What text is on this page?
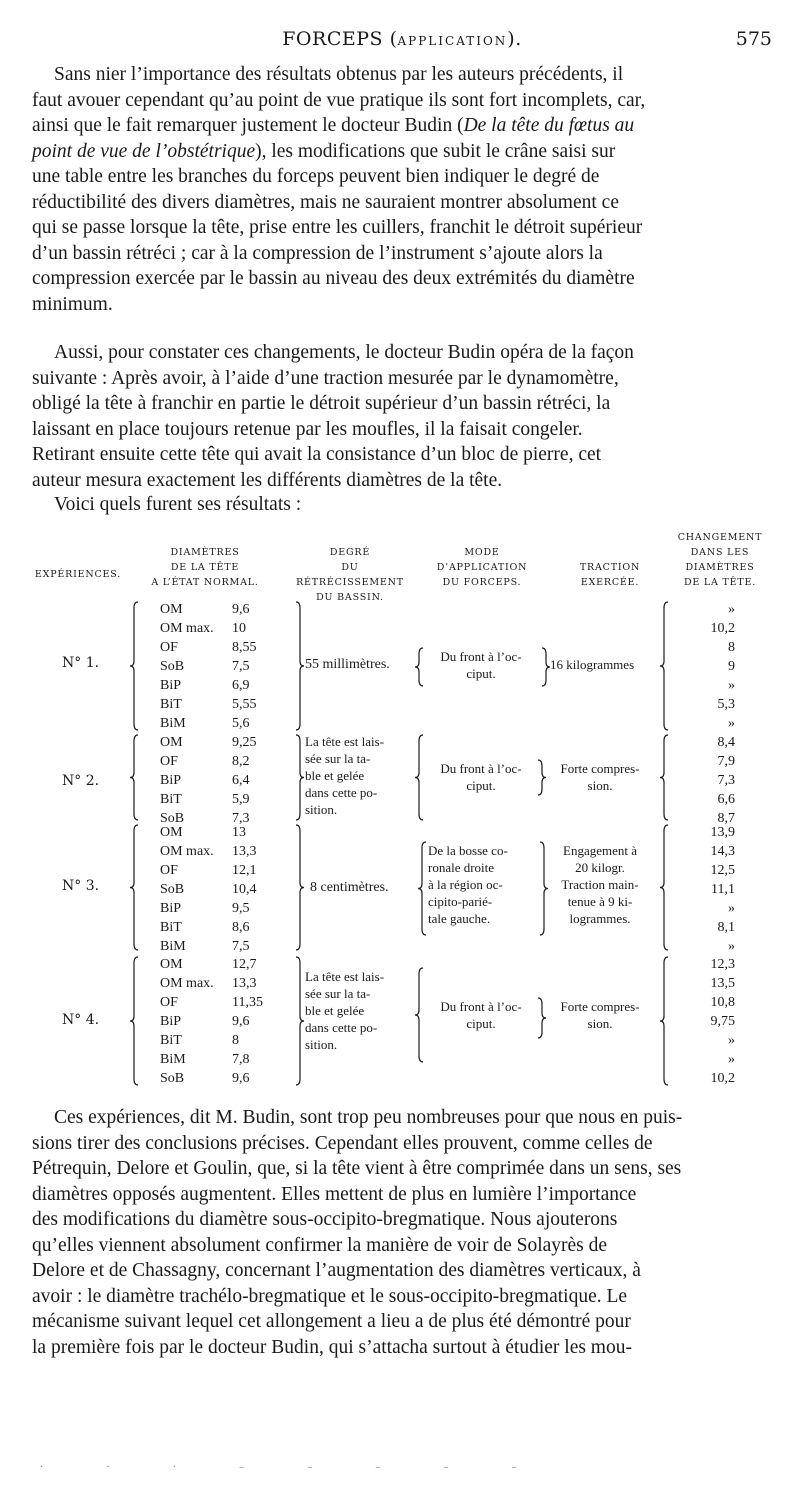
FORCEPS (APPLICATION).	575
Sans nier l’importance des résultats obtenus par les auteurs précédents, il
faut avouer cependant qu’au point de vue pratique ils sont fort incomplets, car,
ainsi que le fait remarquer justement le docteur Budin (De la tête du fœtus au
point de vue de l’obstétrique), les modifications que subit le crâne saisi sur
une table entre les branches du forceps peuvent bien indiquer le degré de
réductibilité des divers diamètres, mais ne sauraient montrer absolument ce
qui se passe lorsque la tête, prise entre les cuillers, franchit le détroit supérieur
d’un bassin rétréci ; car à la compression de l’instrument s’ajoute alors la
compression exercée par le bassin au niveau des deux extrémités du diamètre
minimum.
Aussi, pour constater ces changements, le docteur Budin opéra de la façon
suivante : Après avoir, à l’aide d’une traction mesurée par le dynamomètre,
obligé la tête à franchir en partie le détroit supérieur d’un bassin rétréci, la
laissant en place toujours retenue par les moufles, il la faisait congeler.
Retirant ensuite cette tête qui avait la consistance d’un bloc de pierre, cet
auteur mesura exactement les différents diamètres de la tête.
Voici quels furent ses résultats :
EXPÉRIENCES.
DIAMÈTRES
DE LA TÊTE
A L’ÉTAT NORMAL.
DEGRÉ
DU RÉTRÉCISSEMENT
DU BASSIN.
MODE
D’APPLICATION
DU FORCEPS.
TRACTION
EXERCÉE.
CHANGEMENT
DANS LES
DIAMÈTRES
DE LA TÊTE.
N° 1.
OM
OM max.
OF
SoB
BiP
BiT
BiM
9,6
10
8,55
7,5
6,9
5,55
5,6
55 millimètres.
Du front à l’oc-
ciput.
16 kilogrammes
»
10,2
8
9
»
5,3
»
N° 2.
OM
OF
BiP
BiT
SoB
9,25
8,2
6,4
5,9
7,3
La tête est lais-
sée sur la ta-
ble et gelée
dans cette po-
sition.
Du front à l’oc-
ciput.
Forte compres-
sion.
8,4
7,9
7,3
6,6
8,7
N° 3.
OM
OM max.
OF
SoB
BiP
BiT
BiM
13
13,3
12,1
10,4
9,5
8,6
7,5
8 centimètres.
De la bosse co-
ronale droite
à la région oc-
cipito-parié-
tale gauche.
Engagement à
20 kilogr.
Traction main-
tenue à 9 ki-
logrammes.
13,9
14,3
12,5
11,1
»
8,1
»
N° 4.
OM
OM max.
OF
BiP
BiT
BiM
SoB
12,7
13,3
11,35
9,6
8
7,8
9,6
La tête est lais-
sée sur la ta-
ble et gelée
dans cette po-
sition.
Du front à l’oc-
ciput.
Forte compres-
sion.
12,3
13,5
10,8
9,75
»
»
10,2
Ces expériences, dit M. Budin, sont trop peu nombreuses pour que nous en puis-
sions tirer des conclusions précises. Cependant elles prouvent, comme celles de
Pétrequin, Delore et Goulin, que, si la tête vient à être comprimée dans un sens, ses
diamètres opposés augmentent. Elles mettent de plus en lumière l’importance
des modifications du diamètre sous-occipito-bregmatique. Nous ajouterons
qu’elles viennent absolument confirmer la manière de voir de Solayrès de
Delore et de Chassagny, concernant l’augmentation des diamètres verticaux, à
avoir : le diamètre trachélo-bregmatique et le sous-occipito-bregmatique. Le
mécanisme suivant lequel cet allongement a lieu a de plus été démontré pour
la première fois par le docteur Budin, qui s’attacha surtout à étudier les mou-
· · · – – – – –
